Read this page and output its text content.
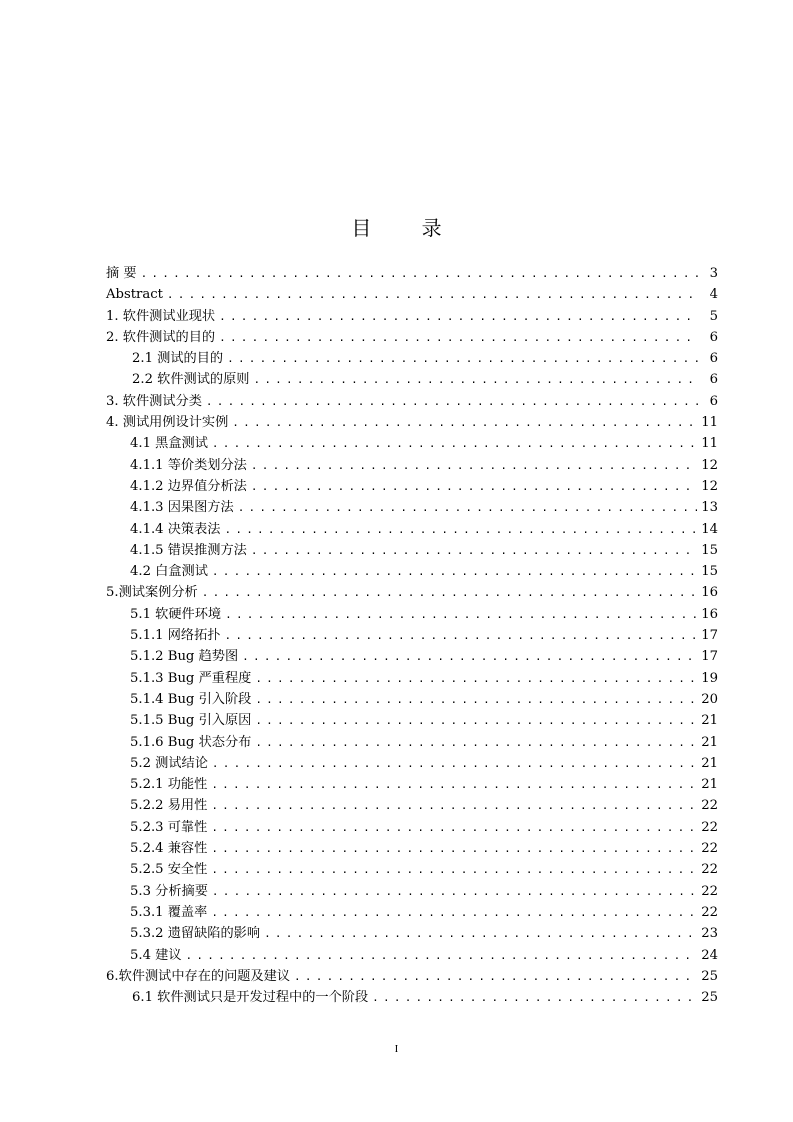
目 录
摘 要 . . .	3
Abstract . . .	4
1. 软件测试业现状 . . .	5
2. 软件测试的目的 . . .	6
2.1 测试的目的 . . .	6
2.2 软件测试的原则 . . .	6
3. 软件测试分类 . . .	6
4. 测试用例设计实例 . . .	11
4.1 黑盒测试 . . .	11
4.1.1 等价类划分法 . . .	12
4.1.2 边界值分析法 . . .	12
4.1.3 因果图方法 . . .	13
4.1.4 决策表法 . . .	14
4.1.5 错误推测方法 . . .	15
4.2 白盒测试 . . .	15
5.测试案例分析 . . .	16
5.1 软硬件环境 . . .	16
5.1.1 网络拓扑 . . .	17
5.1.2 Bug 趋势图 . . .	17
5.1.3 Bug 严重程度 . . .	19
5.1.4 Bug 引入阶段 . . .	20
5.1.5 Bug 引入原因 . . .	21
5.1.6 Bug 状态分布 . . .	21
5.2 测试结论 . . .	21
5.2.1 功能性 . . .	21
5.2.2 易用性 . . .	22
5.2.3 可靠性 . . .	22
5.2.4 兼容性 . . .	22
5.2.5 安全性 . . .	22
5.3 分析摘要 . . .	22
5.3.1 覆盖率 . . .	22
5.3.2 遗留缺陷的影响 . . .	23
5.4 建议 . . .	24
6.软件测试中存在的问题及建议 . . .	25
6.1 软件测试只是开发过程中的一个阶段 . . .	25
I
